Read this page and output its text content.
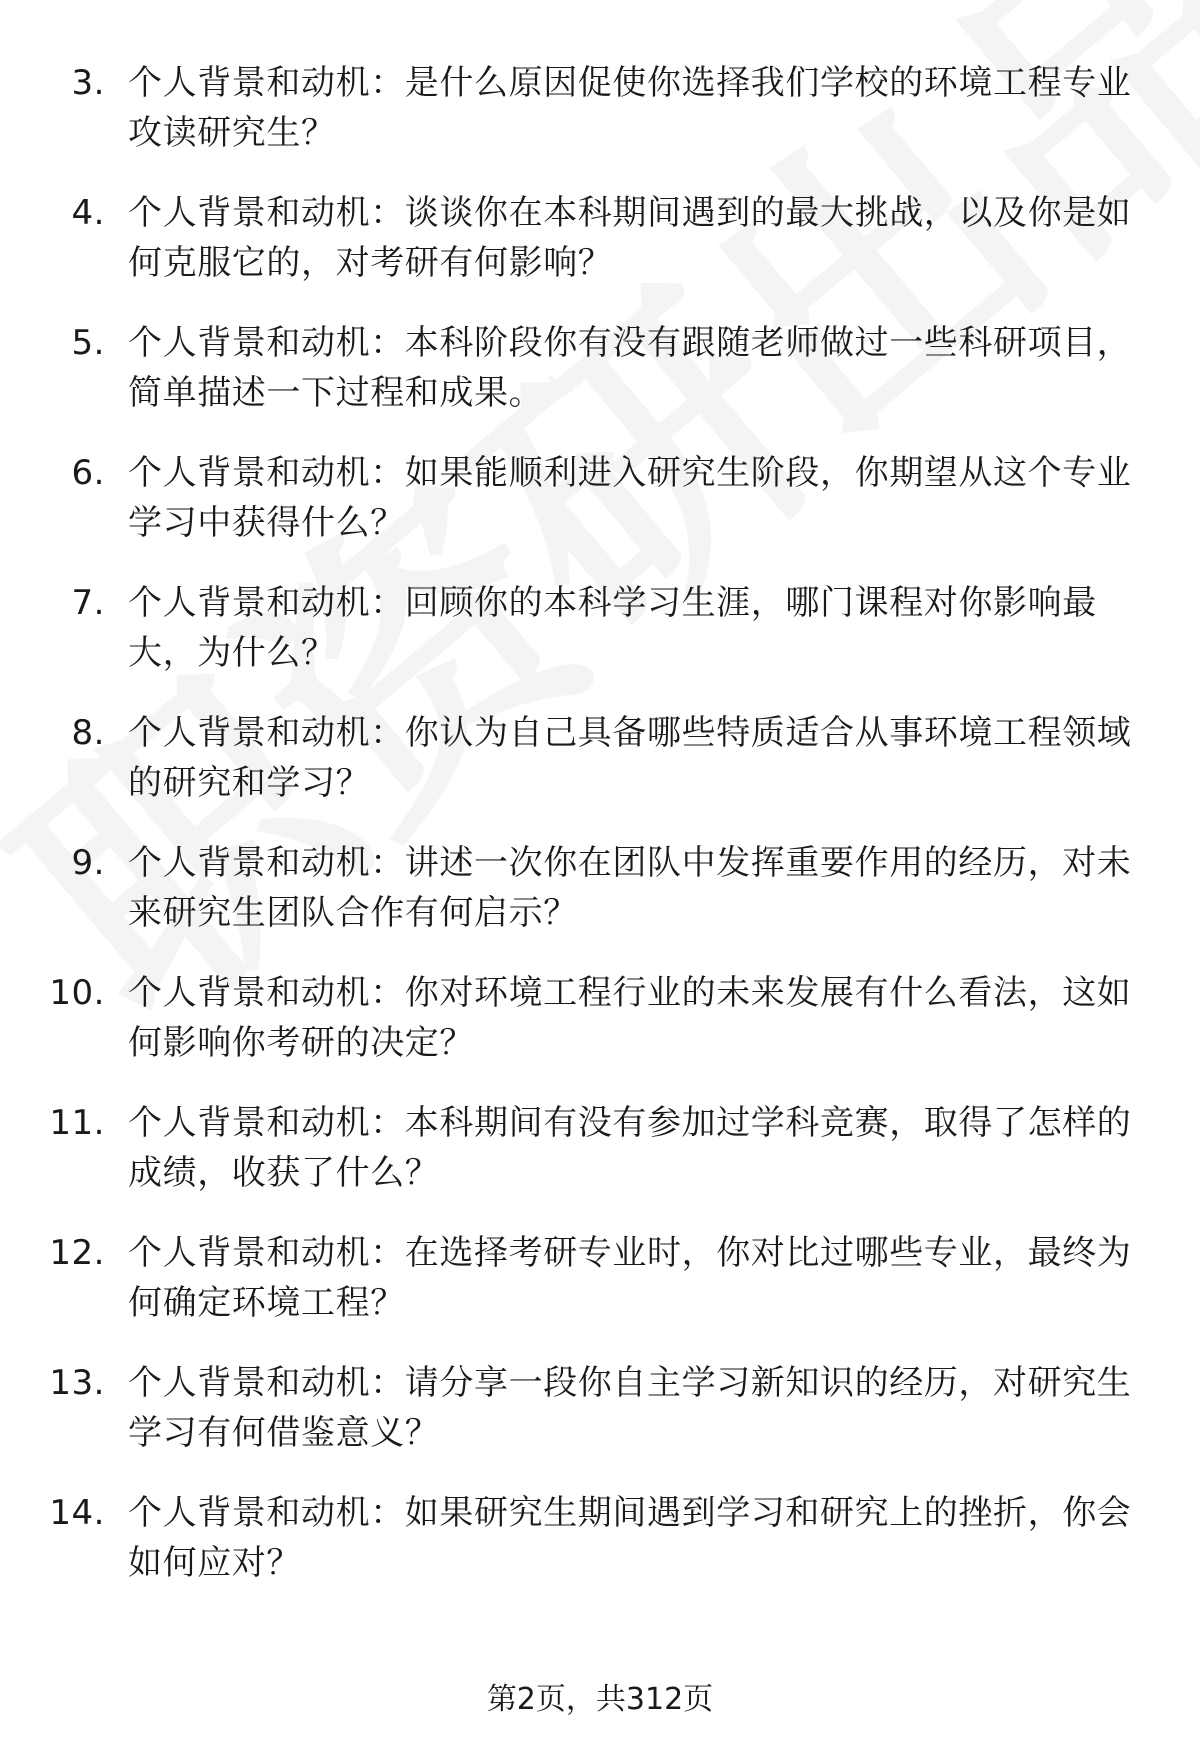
3. 个人背景和动机：是什么原因促使你选择我们学校的环境工程专业攻读研究生？
4. 个人背景和动机：谈谈你在本科期间遇到的最大挑战，以及你是如何克服它的，对考研有何影响？
5. 个人背景和动机：本科阶段你有没有跟随老师做过一些科研项目，简单描述一下过程和成果。
6. 个人背景和动机：如果能顺利进入研究生阶段，你期望从这个专业学习中获得什么？
7. 个人背景和动机：回顾你的本科学习生涯，哪门课程对你影响最大，为什么？
8. 个人背景和动机：你认为自己具备哪些特质适合从事环境工程领域的研究和学习？
9. 个人背景和动机：讲述一次你在团队中发挥重要作用的经历，对未来研究生团队合作有何启示？
10. 个人背景和动机：你对环境工程行业的未来发展有什么看法，这如何影响你考研的决定？
11. 个人背景和动机：本科期间有没有参加过学科竞赛，取得了怎样的成绩，收获了什么？
12. 个人背景和动机：在选择考研专业时，你对比过哪些专业，最终为何确定环境工程？
13. 个人背景和动机：请分享一段你自主学习新知识的经历，对研究生学习有何借鉴意义？
14. 个人背景和动机：如果研究生期间遇到学习和研究上的挫折，你会如何应对？
第2页，共312页
